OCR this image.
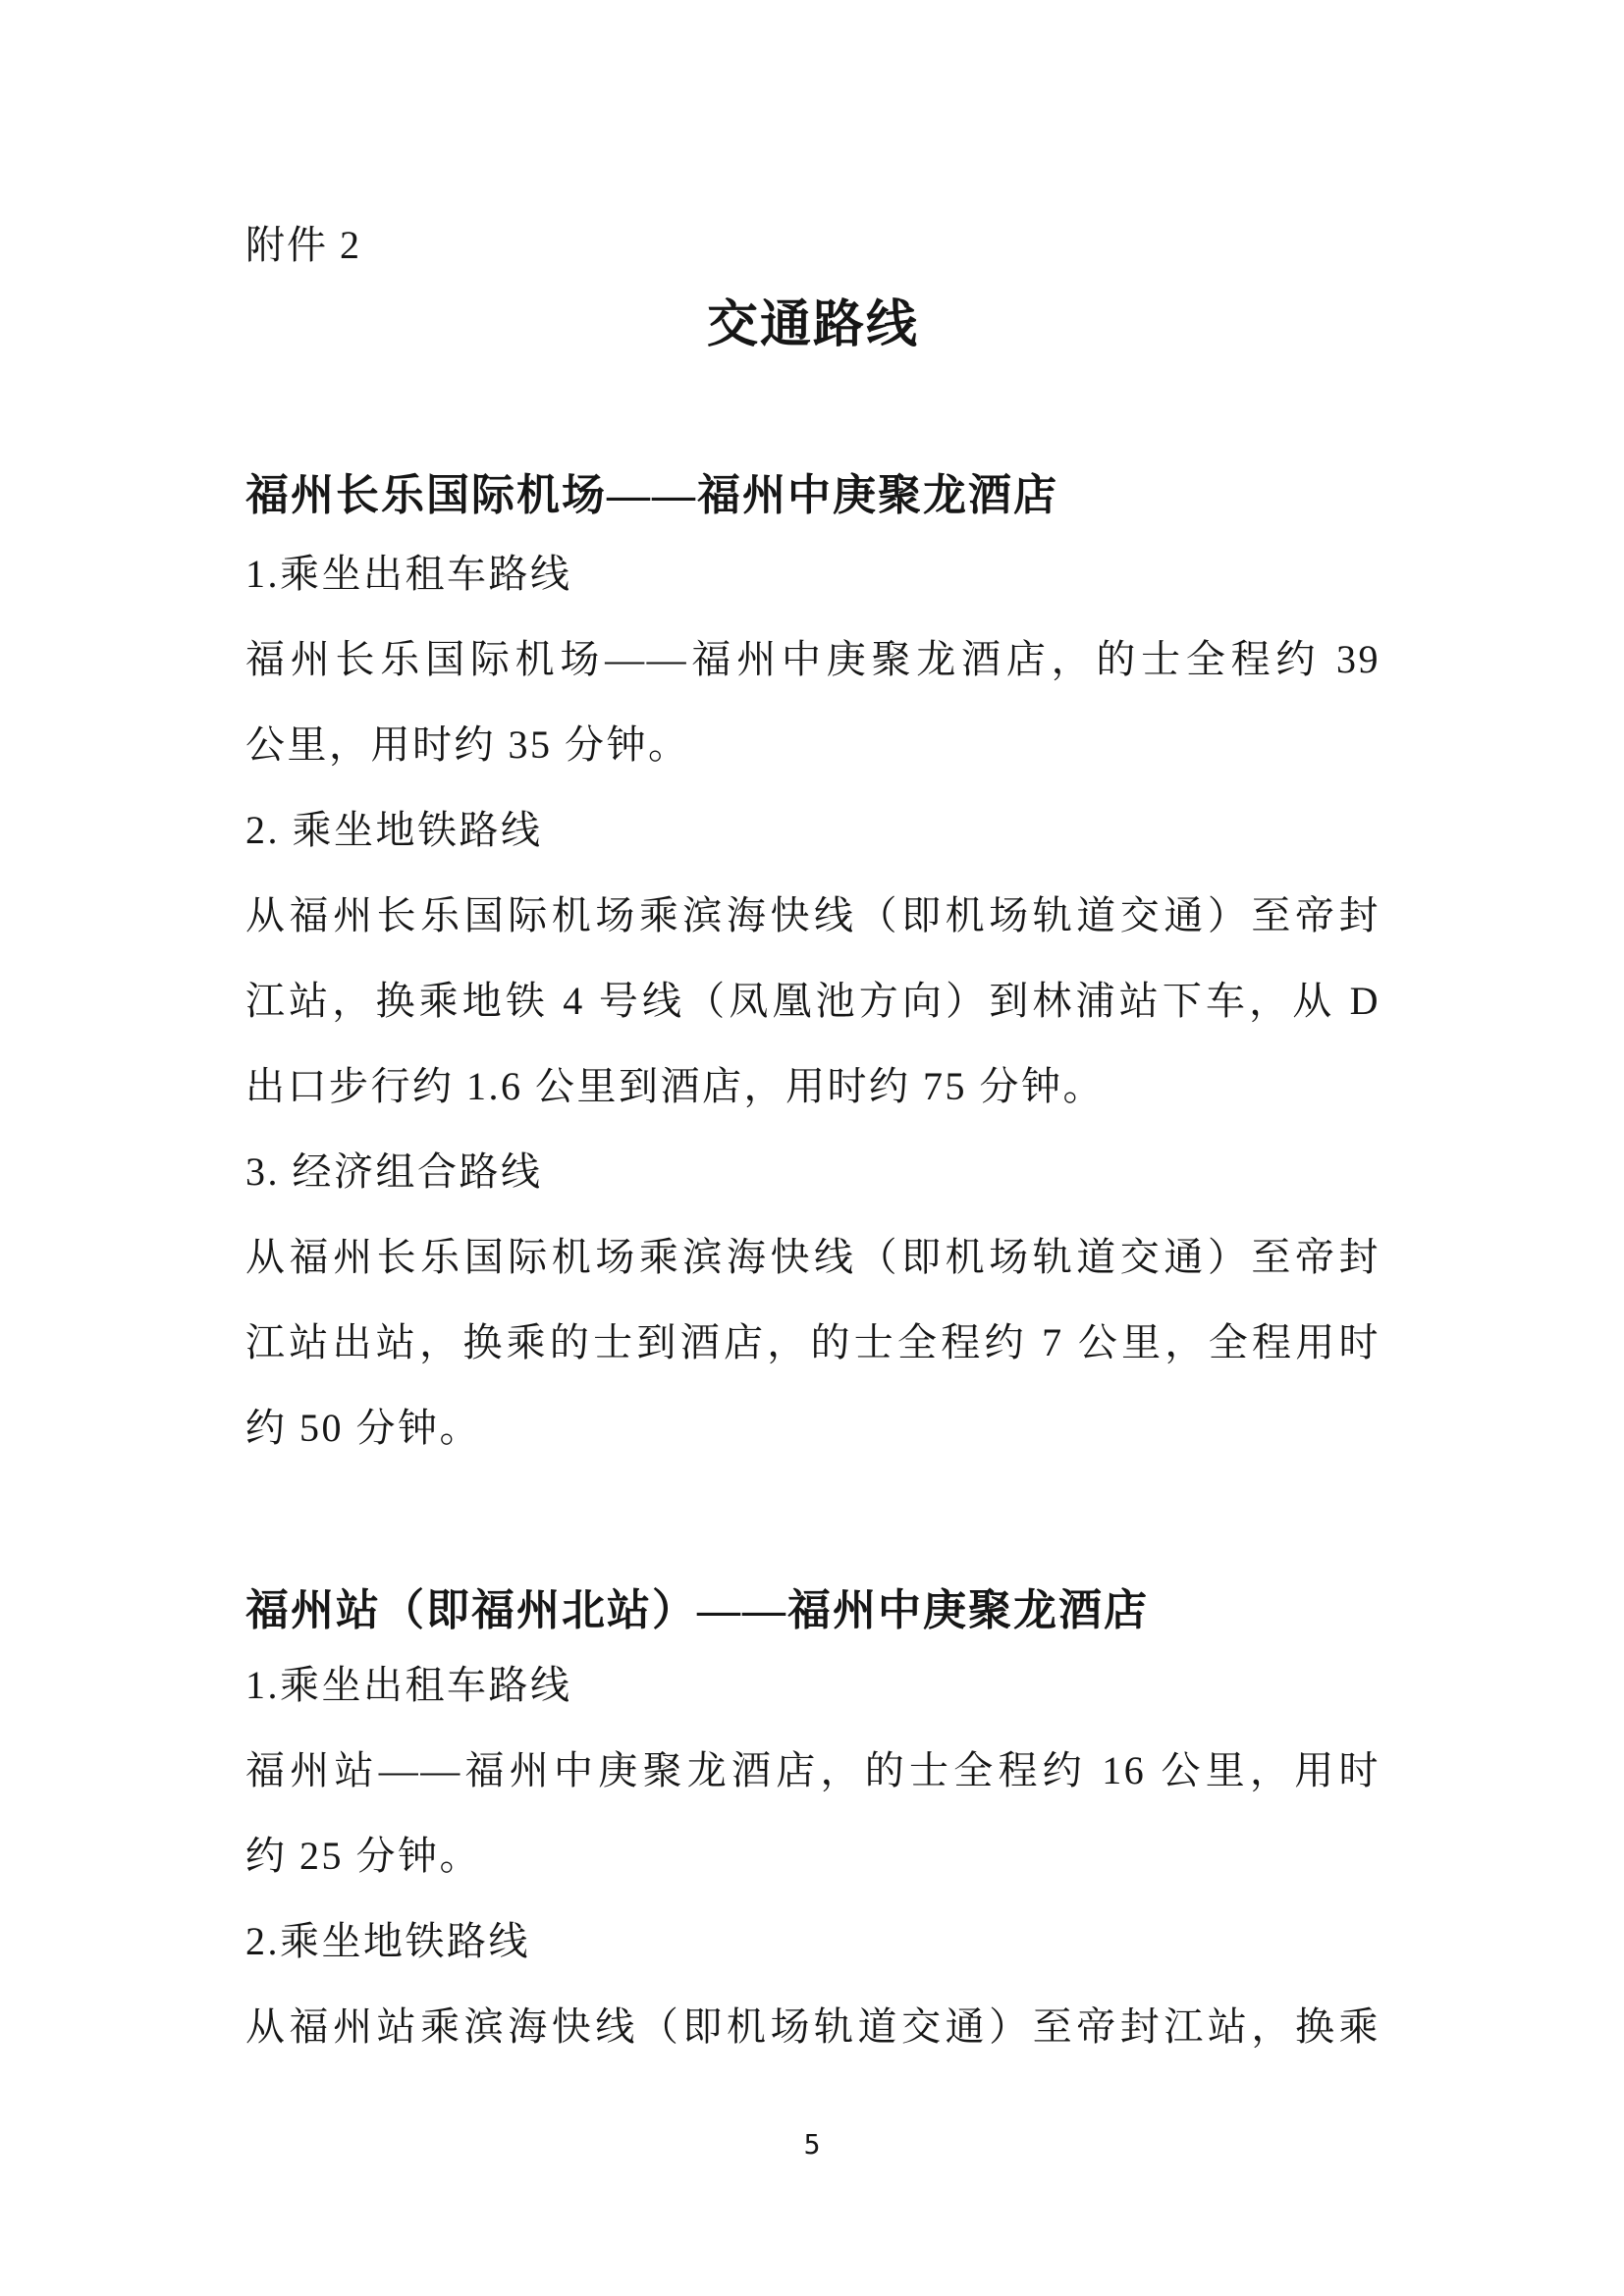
附件 2
交通路线
福州长乐国际机场——福州中庚聚龙酒店
1.乘坐出租车路线
福州长乐国际机场——福州中庚聚龙酒店，的士全程约 39
公里，用时约 35 分钟。
2. 乘坐地铁路线
从福州长乐国际机场乘滨海快线（即机场轨道交通）至帝封
江站，换乘地铁 4 号线（凤凰池方向）到林浦站下车，从 D
出口步行约 1.6 公里到酒店，用时约 75 分钟。
3. 经济组合路线
从福州长乐国际机场乘滨海快线（即机场轨道交通）至帝封
江站出站，换乘的士到酒店，的士全程约 7 公里，全程用时
约 50 分钟。
福州站（即福州北站）——福州中庚聚龙酒店
1.乘坐出租车路线
福州站——福州中庚聚龙酒店，的士全程约 16 公里，用时
约 25 分钟。
2.乘坐地铁路线
从福州站乘滨海快线（即机场轨道交通）至帝封江站，换乘
5
